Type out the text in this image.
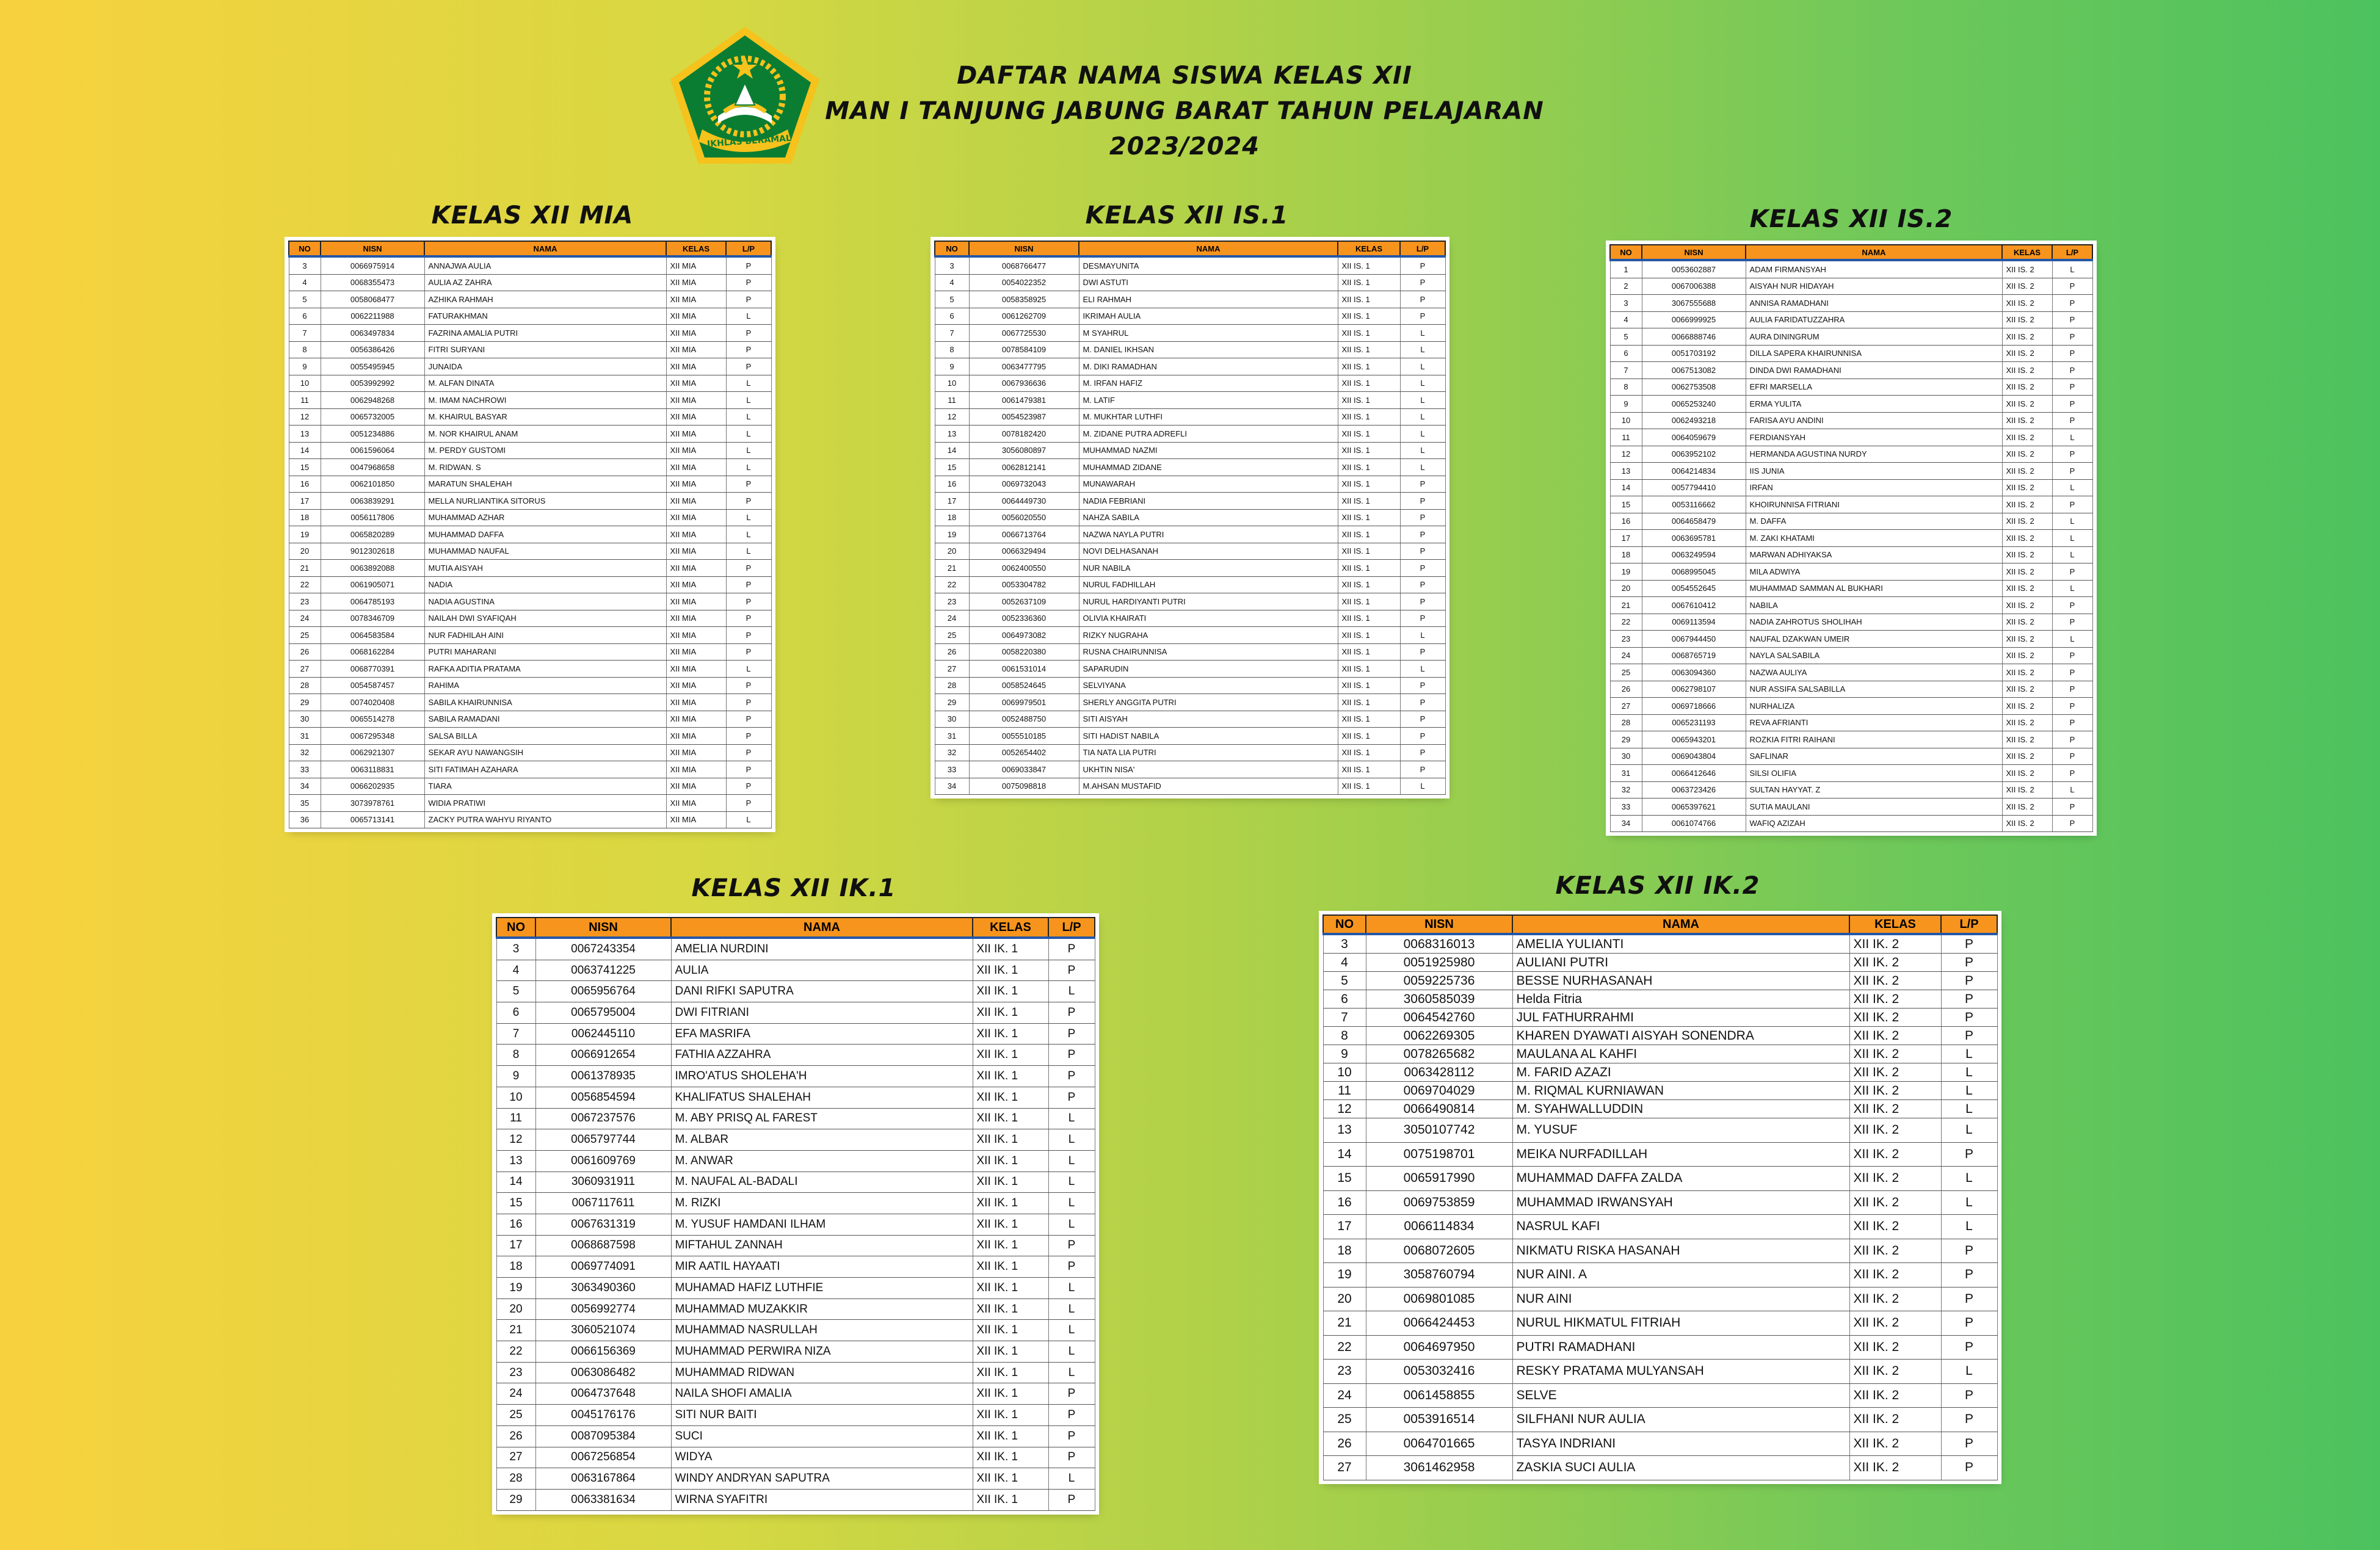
IKHLAS BERAMAL
DAFTAR NAMA SISWA KELAS XII
MAN I TANJUNG JABUNG BARAT TAHUN PELAJARAN 2023/2024
KELAS XII MIA	KELAS XII IS.1	KELAS XII IS.2
KELAS XII IK.1	KELAS XII IK.2
NO	NISN	NAMA	KELAS	L/P
3	0066975914	ANNAJWA AULIA	XII MIA	P
4	0068355473	AULIA AZ ZAHRA	XII MIA	P
5	0058068477	AZHIKA RAHMAH	XII MIA	P
6	0062211988	FATURAKHMAN	XII MIA	L
7	0063497834	FAZRINA AMALIA PUTRI	XII MIA	P
8	0056386426	FITRI SURYANI	XII MIA	P
9	0055495945	JUNAIDA	XII MIA	P
10	0053992992	M. ALFAN DINATA	XII MIA	L
11	0062948268	M. IMAM NACHROWI	XII MIA	L
12	0065732005	M. KHAIRUL BASYAR	XII MIA	L
13	0051234886	M. NOR KHAIRUL ANAM	XII MIA	L
14	0061596064	M. PERDY GUSTOMI	XII MIA	L
15	0047968658	M. RIDWAN. S	XII MIA	L
16	0062101850	MARATUN SHALEHAH	XII MIA	P
17	0063839291	MELLA NURLIANTIKA SITORUS	XII MIA	P
18	0056117806	MUHAMMAD AZHAR	XII MIA	L
19	0065820289	MUHAMMAD DAFFA	XII MIA	L
20	9012302618	MUHAMMAD NAUFAL	XII MIA	L
21	0063892088	MUTIA AISYAH	XII MIA	P
22	0061905071	NADIA	XII MIA	P
23	0064785193	NADIA AGUSTINA	XII MIA	P
24	0078346709	NAILAH DWI SYAFIQAH	XII MIA	P
25	0064583584	NUR FADHILAH AINI	XII MIA	P
26	0068162284	PUTRI MAHARANI	XII MIA	P
27	0068770391	RAFKA ADITIA PRATAMA	XII MIA	L
28	0054587457	RAHIMA	XII MIA	P
29	0074020408	SABILA KHAIRUNNISA	XII MIA	P
30	0065514278	SABILA RAMADANI	XII MIA	P
31	0067295348	SALSA BILLA	XII MIA	P
32	0062921307	SEKAR AYU NAWANGSIH	XII MIA	P
33	0063118831	SITI FATIMAH AZAHARA	XII MIA	P
34	0066202935	TIARA	XII MIA	P
35	3073978761	WIDIA PRATIWI	XII MIA	P
36	0065713141	ZACKY PUTRA WAHYU RIYANTO	XII MIA	L
NO	NISN	NAMA	KELAS	L/P
3	0068766477	DESMAYUNITA	XII IS. 1	P
4	0054022352	DWI ASTUTI	XII IS. 1	P
5	0058358925	ELI RAHMAH	XII IS. 1	P
6	0061262709	IKRIMAH AULIA	XII IS. 1	P
7	0067725530	M SYAHRUL	XII IS. 1	L
8	0078584109	M. DANIEL IKHSAN	XII IS. 1	L
9	0063477795	M. DIKI RAMADHAN	XII IS. 1	L
10	0067936636	M. IRFAN HAFIZ	XII IS. 1	L
11	0061479381	M. LATIF	XII IS. 1	L
12	0054523987	M. MUKHTAR LUTHFI	XII IS. 1	L
13	0078182420	M. ZIDANE PUTRA ADREFLI	XII IS. 1	L
14	3056080897	MUHAMMAD NAZMI	XII IS. 1	L
15	0062812141	MUHAMMAD ZIDANE	XII IS. 1	L
16	0069732043	MUNAWARAH	XII IS. 1	P
17	0064449730	NADIA FEBRIANI	XII IS. 1	P
18	0056020550	NAHZA SABILA	XII IS. 1	P
19	0066713764	NAZWA NAYLA PUTRI	XII IS. 1	P
20	0066329494	NOVI DELHASANAH	XII IS. 1	P
21	0062400550	NUR NABILA	XII IS. 1	P
22	0053304782	NURUL FADHILLAH	XII IS. 1	P
23	0052637109	NURUL HARDIYANTI PUTRI	XII IS. 1	P
24	0052336360	OLIVIA KHAIRATI	XII IS. 1	P
25	0064973082	RIZKY NUGRAHA	XII IS. 1	L
26	0058220380	RUSNA CHAIRUNNISA	XII IS. 1	P
27	0061531014	SAPARUDIN	XII IS. 1	L
28	0058524645	SELVIYANA	XII IS. 1	P
29	0069979501	SHERLY ANGGITA PUTRI	XII IS. 1	P
30	0052488750	SITI AISYAH	XII IS. 1	P
31	0055510185	SITI HADIST NABILA	XII IS. 1	P
32	0052654402	TIA NATA LIA PUTRI	XII IS. 1	P
33	0069033847	UKHTIN NISA'	XII IS. 1	P
34	0075098818	M.AHSAN MUSTAFID	XII IS. 1	L
NO	NISN	NAMA	KELAS	L/P
1	0053602887	ADAM FIRMANSYAH	XII IS. 2	L
2	0067006388	AISYAH NUR HIDAYAH	XII IS. 2	P
3	3067555688	ANNISA RAMADHANI	XII IS. 2	P
4	0066999925	AULIA FARIDATUZZAHRA	XII IS. 2	P
5	0066888746	AURA DININGRUM	XII IS. 2	P
6	0051703192	DILLA SAPERA KHAIRUNNISA	XII IS. 2	P
7	0067513082	DINDA DWI RAMADHANI	XII IS. 2	P
8	0062753508	EFRI MARSELLA	XII IS. 2	P
9	0065253240	ERMA YULITA	XII IS. 2	P
10	0062493218	FARISA AYU ANDINI	XII IS. 2	P
11	0064059679	FERDIANSYAH	XII IS. 2	L
12	0063952102	HERMANDA AGUSTINA NURDY	XII IS. 2	P
13	0064214834	IIS JUNIA	XII IS. 2	P
14	0057794410	IRFAN	XII IS. 2	L
15	0053116662	KHOIRUNNISA FITRIANI	XII IS. 2	P
16	0064658479	M. DAFFA	XII IS. 2	L
17	0063695781	M. ZAKI KHATAMI	XII IS. 2	L
18	0063249594	MARWAN ADHIYAKSA	XII IS. 2	L
19	0068995045	MILA ADWIYA	XII IS. 2	P
20	0054552645	MUHAMMAD SAMMAN AL BUKHARI	XII IS. 2	L
21	0067610412	NABILA	XII IS. 2	P
22	0069113594	NADIA ZAHROTUS SHOLIHAH	XII IS. 2	P
23	0067944450	NAUFAL DZAKWAN UMEIR	XII IS. 2	L
24	0068765719	NAYLA SALSABILA	XII IS. 2	P
25	0063094360	NAZWA AULIYA	XII IS. 2	P
26	0062798107	NUR ASSIFA SALSABILLA	XII IS. 2	P
27	0069718666	NURHALIZA	XII IS. 2	P
28	0065231193	REVA AFRIANTI	XII IS. 2	P
29	0065943201	ROZKIA FITRI RAIHANI	XII IS. 2	P
30	0069043804	SAFLINAR	XII IS. 2	P
31	0066412646	SILSI OLIFIA	XII IS. 2	P
32	0063723426	SULTAN HAYYAT. Z	XII IS. 2	L
33	0065397621	SUTIA MAULANI	XII IS. 2	P
34	0061074766	WAFIQ AZIZAH	XII IS. 2	P
NO	NISN	NAMA	KELAS	L/P
3	0067243354	AMELIA NURDINI	XII IK. 1	P
4	0063741225	AULIA	XII IK. 1	P
5	0065956764	DANI RIFKI SAPUTRA	XII IK. 1	L
6	0065795004	DWI FITRIANI	XII IK. 1	P
7	0062445110	EFA MASRIFA	XII IK. 1	P
8	0066912654	FATHIA AZZAHRA	XII IK. 1	P
9	0061378935	IMRO'ATUS SHOLEHA'H	XII IK. 1	P
10	0056854594	KHALIFATUS SHALEHAH	XII IK. 1	P
11	0067237576	M. ABY PRISQ AL FAREST	XII IK. 1	L
12	0065797744	M. ALBAR	XII IK. 1	L
13	0061609769	M. ANWAR	XII IK. 1	L
14	3060931911	M. NAUFAL AL-BADALI	XII IK. 1	L
15	0067117611	M. RIZKI	XII IK. 1	L
16	0067631319	M. YUSUF HAMDANI ILHAM	XII IK. 1	L
17	0068687598	MIFTAHUL ZANNAH	XII IK. 1	P
18	0069774091	MIR AATIL HAYAATI	XII IK. 1	P
19	3063490360	MUHAMAD HAFIZ LUTHFIE	XII IK. 1	L
20	0056992774	MUHAMMAD MUZAKKIR	XII IK. 1	L
21	3060521074	MUHAMMAD NASRULLAH	XII IK. 1	L
22	0066156369	MUHAMMAD PERWIRA NIZA	XII IK. 1	L
23	0063086482	MUHAMMAD RIDWAN	XII IK. 1	L
24	0064737648	NAILA SHOFI AMALIA	XII IK. 1	P
25	0045176176	SITI NUR BAITI	XII IK. 1	P
26	0087095384	SUCI	XII IK. 1	P
27	0067256854	WIDYA	XII IK. 1	P
28	0063167864	WINDY ANDRYAN SAPUTRA	XII IK. 1	L
29	0063381634	WIRNA SYAFITRI	XII IK. 1	P
NO	NISN	NAMA	KELAS	L/P
3	0068316013	AMELIA YULIANTI	XII IK. 2	P
4	0051925980	AULIANI PUTRI	XII IK. 2	P
5	0059225736	BESSE NURHASANAH	XII IK. 2	P
6	3060585039	Helda Fitria	XII IK. 2	P
7	0064542760	JUL FATHURRAHMI	XII IK. 2	P
8	0062269305	KHAREN DYAWATI AISYAH SONENDRA	XII IK. 2	P
9	0078265682	MAULANA AL KAHFI	XII IK. 2	L
10	0063428112	M. FARID AZAZI	XII IK. 2	L
11	0069704029	M. RIQMAL KURNIAWAN	XII IK. 2	L
12	0066490814	M. SYAHWALLUDDIN	XII IK. 2	L
13	3050107742	M. YUSUF	XII IK. 2	L
14	0075198701	MEIKA NURFADILLAH	XII IK. 2	P
15	0065917990	MUHAMMAD DAFFA ZALDA	XII IK. 2	L
16	0069753859	MUHAMMAD IRWANSYAH	XII IK. 2	L
17	0066114834	NASRUL KAFI	XII IK. 2	L
18	0068072605	NIKMATU RISKA HASANAH	XII IK. 2	P
19	3058760794	NUR AINI. A	XII IK. 2	P
20	0069801085	NUR AINI	XII IK. 2	P
21	0066424453	NURUL HIKMATUL FITRIAH	XII IK. 2	P
22	0064697950	PUTRI RAMADHANI	XII IK. 2	P
23	0053032416	RESKY PRATAMA MULYANSAH	XII IK. 2	L
24	0061458855	SELVE	XII IK. 2	P
25	0053916514	SILFHANI NUR AULIA	XII IK. 2	P
26	0064701665	TASYA INDRIANI	XII IK. 2	P
27	3061462958	ZASKIA SUCI AULIA	XII IK. 2	P
